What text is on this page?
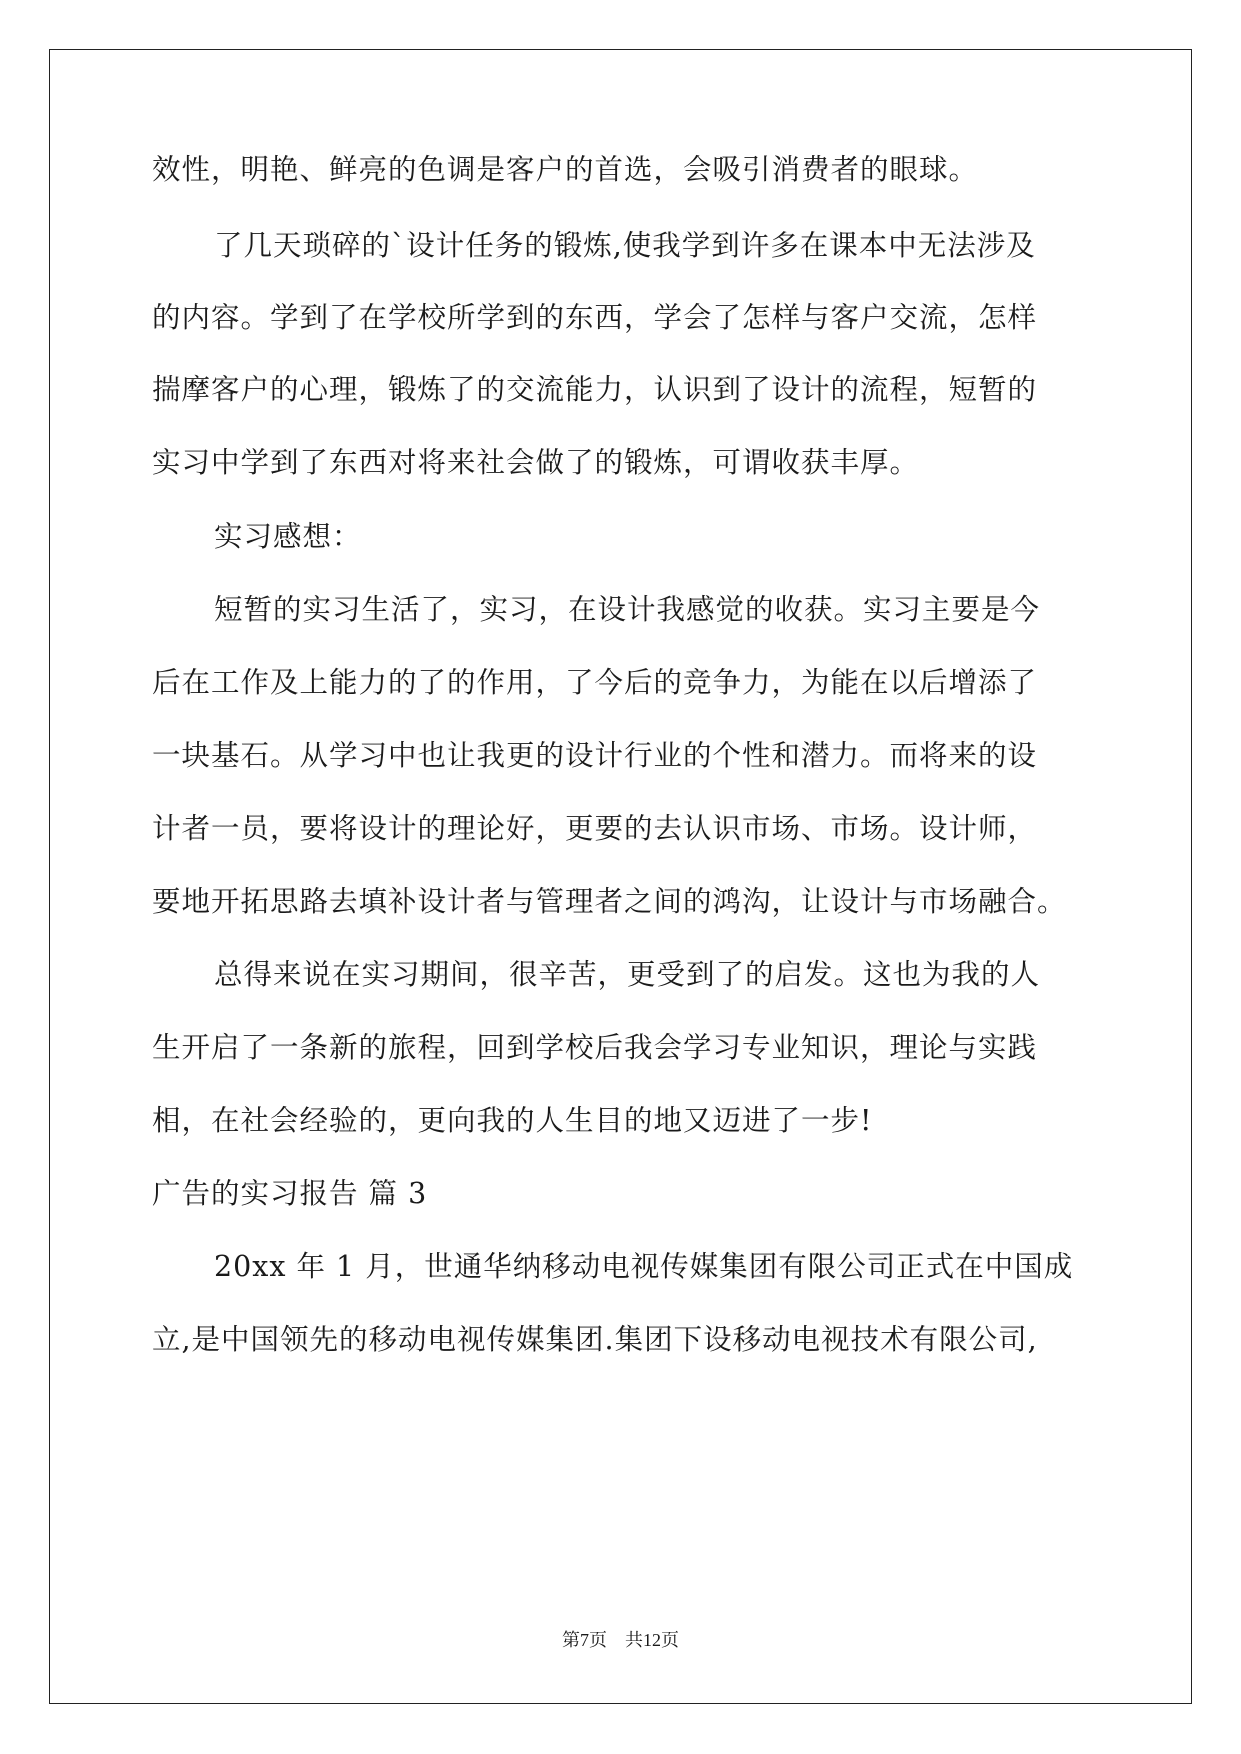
效性，明艳、鲜亮的色调是客户的首选，会吸引消费者的眼球。
了几天琐碎的`设计任务的锻炼,使我学到许多在课本中无法涉及
的内容。学到了在学校所学到的东西，学会了怎样与客户交流，怎样
揣摩客户的心理，锻炼了的交流能力，认识到了设计的流程，短暂的
实习中学到了东西对将来社会做了的锻炼，可谓收获丰厚。
实习感想：
短暂的实习生活了，实习，在设计我感觉的收获。实习主要是今
后在工作及上能力的了的作用，了今后的竞争力，为能在以后增添了
一块基石。从学习中也让我更的设计行业的个性和潜力。而将来的设
计者一员，要将设计的理论好，更要的去认识市场、市场。设计师，
要地开拓思路去填补设计者与管理者之间的鸿沟，让设计与市场融合。
总得来说在实习期间，很辛苦，更受到了的启发。这也为我的人
生开启了一条新的旅程，回到学校后我会学习专业知识，理论与实践
相，在社会经验的，更向我的人生目的地又迈进了一步!
广告的实习报告 篇 3
20xx 年 1 月，世通华纳移动电视传媒集团有限公司正式在中国成
立,是中国领先的移动电视传媒集团.集团下设移动电视技术有限公司,
第7页 共12页
